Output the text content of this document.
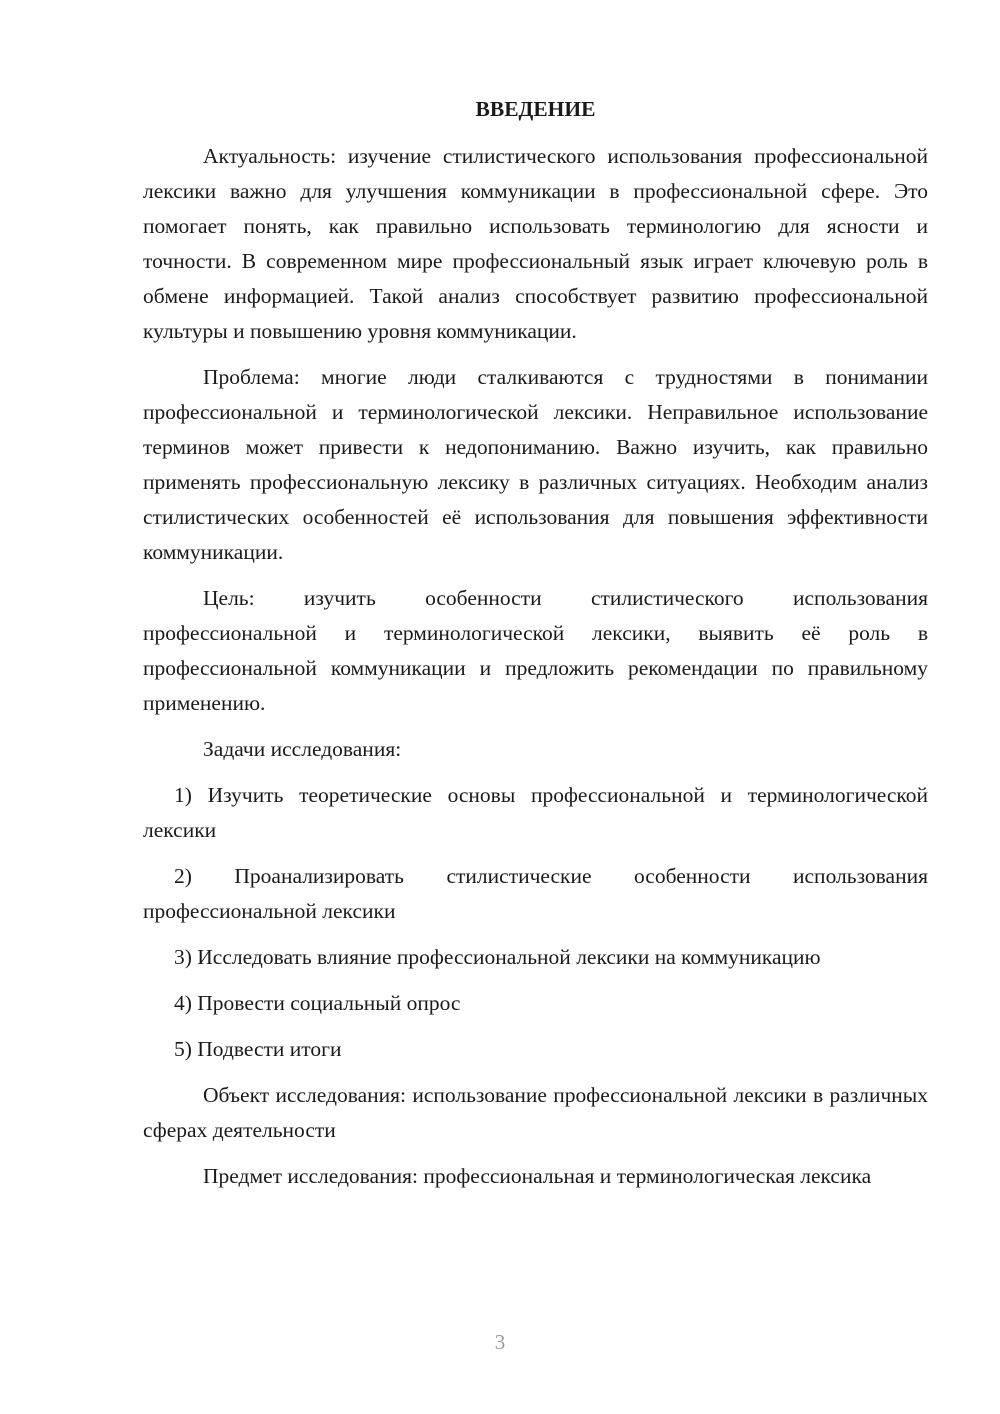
ВВЕДЕНИЕ

Актуальность: изучение стилистического использования профессиональной лексики важно для улучшения коммуникации в профессиональной сфере. Это помогает понять, как правильно использовать терминологию для ясности и точности. В современном мире профессиональный язык играет ключевую роль в обмене информацией. Такой анализ способствует развитию профессиональной культуры и повышению уровня коммуникации.

Проблема: многие люди сталкиваются с трудностями в понимании профессиональной и терминологической лексики. Неправильное использование терминов может привести к недопониманию. Важно изучить, как правильно применять профессиональную лексику в различных ситуациях. Необходим анализ стилистических особенностей её использования для повышения эффективности коммуникации.

Цель: изучить особенности стилистического использования профессиональной и терминологической лексики, выявить её роль в профессиональной коммуникации и предложить рекомендации по правильному применению.

Задачи исследования:

1) Изучить теоретические основы профессиональной и терминологической лексики

2) Проанализировать стилистические особенности использования профессиональной лексики

3) Исследовать влияние профессиональной лексики на коммуникацию

4) Провести социальный опрос

5) Подвести итоги

Объект исследования: использование профессиональной лексики в различных сферах деятельности

Предмет исследования: профессиональная и терминологическая лексика

3
